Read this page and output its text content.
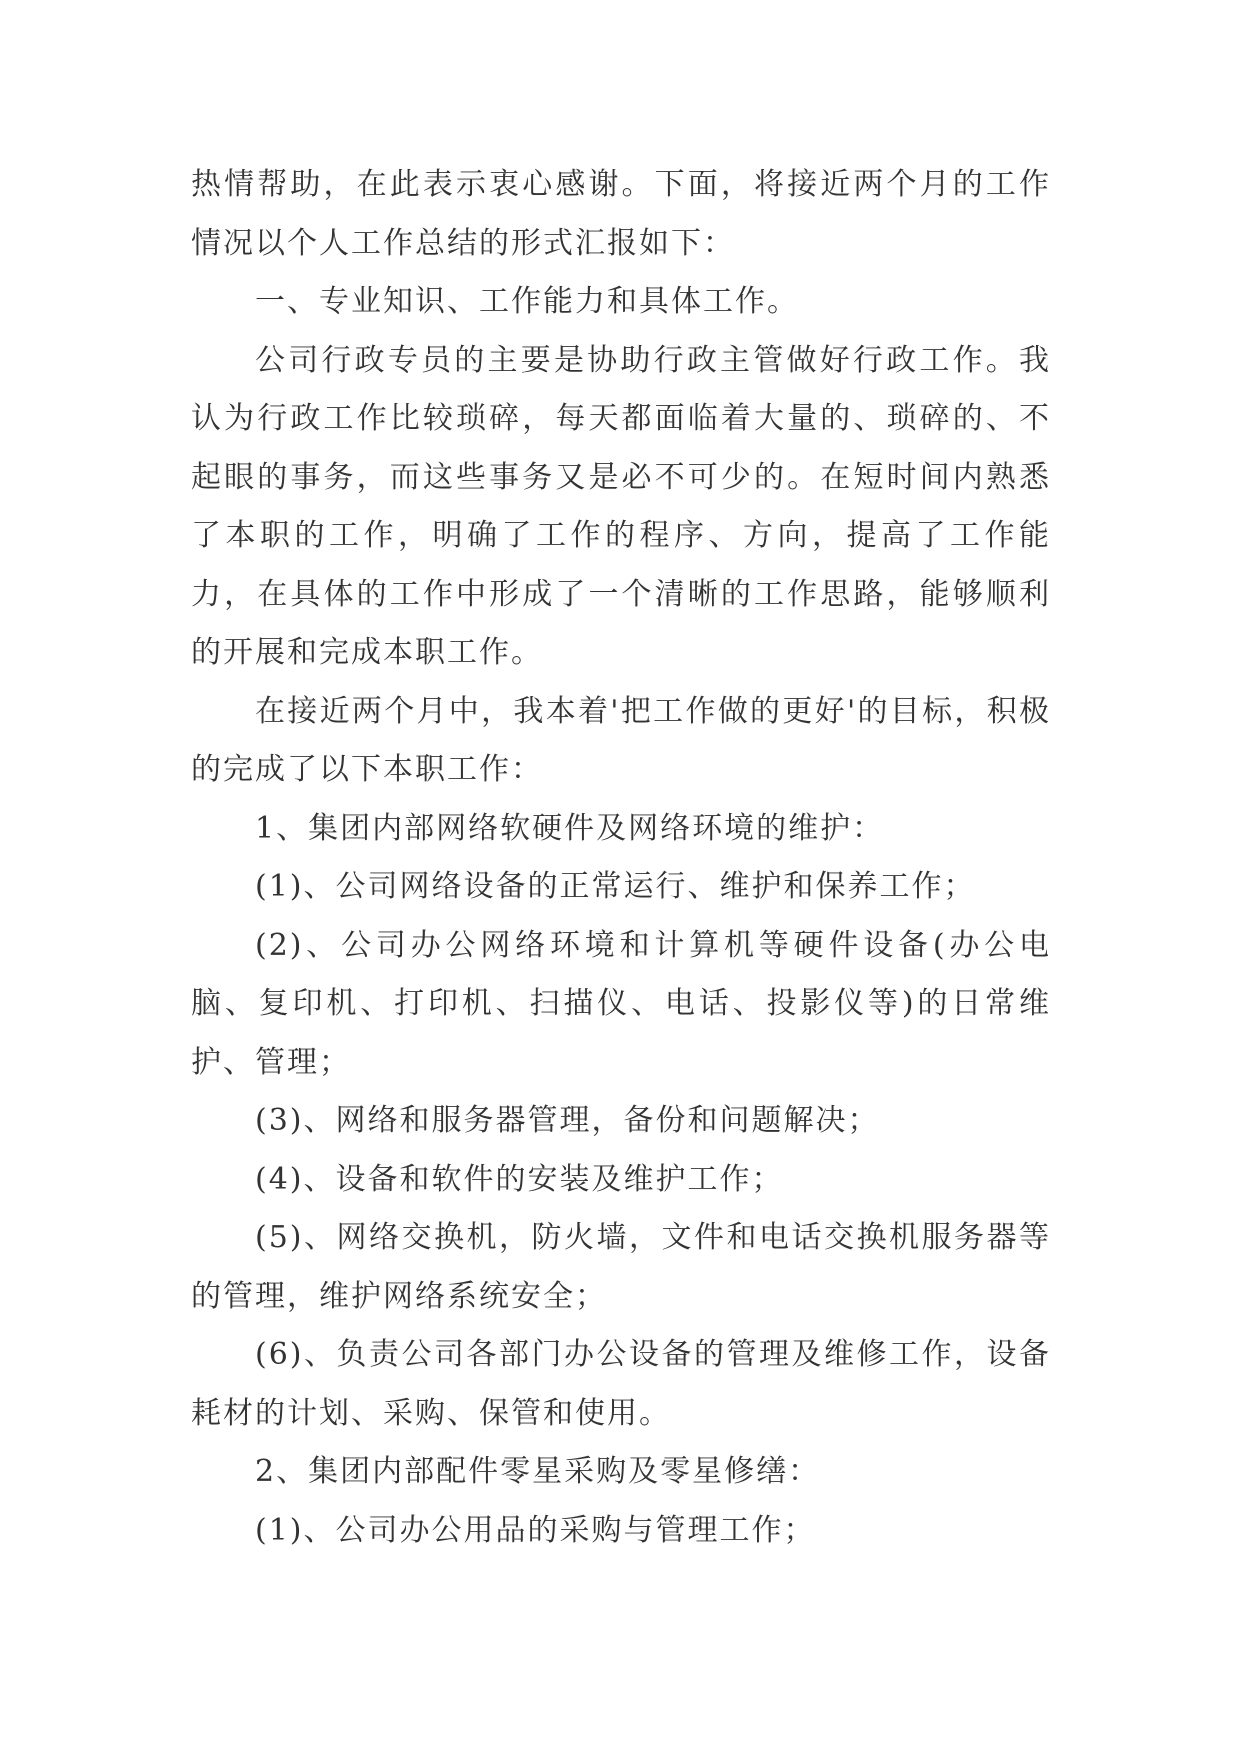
热情帮助，在此表示衷心感谢。下面，将接近两个月的工作情况以个人工作总结的形式汇报如下：

一、专业知识、工作能力和具体工作。

公司行政专员的主要是协助行政主管做好行政工作。我认为行政工作比较琐碎，每天都面临着大量的、琐碎的、不起眼的事务，而这些事务又是必不可少的。在短时间内熟悉了本职的工作，明确了工作的程序、方向，提高了工作能力，在具体的工作中形成了一个清晰的工作思路，能够顺利的开展和完成本职工作。

在接近两个月中，我本着'把工作做的更好'的目标，积极的完成了以下本职工作：

1、集团内部网络软硬件及网络环境的维护：

(1)、公司网络设备的正常运行、维护和保养工作；

(2)、公司办公网络环境和计算机等硬件设备(办公电脑、复印机、打印机、扫描仪、电话、投影仪等)的日常维护、管理；

(3)、网络和服务器管理，备份和问题解决；

(4)、设备和软件的安装及维护工作；

(5)、网络交换机，防火墙，文件和电话交换机服务器等的管理，维护网络系统安全；

(6)、负责公司各部门办公设备的管理及维修工作，设备耗材的计划、采购、保管和使用。

2、集团内部配件零星采购及零星修缮：

(1)、公司办公用品的采购与管理工作；
